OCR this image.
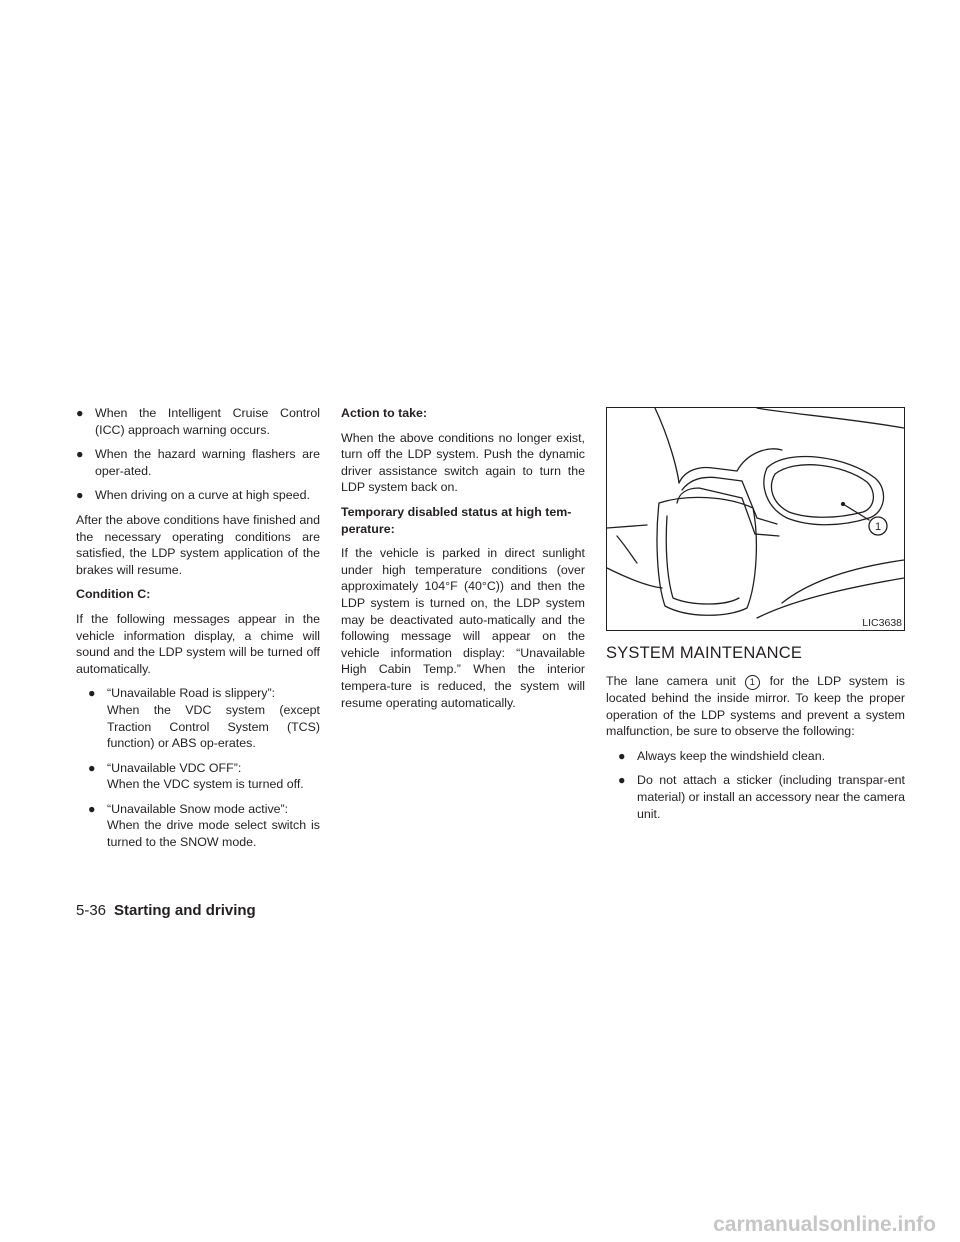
● When the Intelligent Cruise Control (ICC) approach warning occurs.
● When the hazard warning flashers are oper-ated.
● When driving on a curve at high speed.

After the above conditions have finished and the necessary operating conditions are satisfied, the LDP system application of the brakes will resume.

Condition C:

If the following messages appear in the vehicle information display, a chime will sound and the LDP system will be turned off automatically.

● “Unavailable Road is slippery”:
When the VDC system (except Traction Control System (TCS) function) or ABS op-erates.
● “Unavailable VDC OFF”:
When the VDC system is turned off.
● “Unavailable Snow mode active”:
When the drive mode select switch is turned to the SNOW mode.
Action to take:

When the above conditions no longer exist, turn off the LDP system. Push the dynamic driver assistance switch again to turn the LDP system back on.

Temporary disabled status at high tem-perature:

If the vehicle is parked in direct sunlight under high temperature conditions (over approximately 104°F (40°C)) and then the LDP system is turned on, the LDP system may be deactivated auto-matically and the following message will appear on the vehicle information display: “Unavailable High Cabin Temp.” When the interior tempera-ture is reduced, the system will resume operating automatically.

1
LIC3638
SYSTEM MAINTENANCE

The lane camera unit 1 for the LDP system is located behind the inside mirror. To keep the proper operation of the LDP systems and prevent a system malfunction, be sure to observe the following:

● Always keep the windshield clean.
● Do not attach a sticker (including transpar-ent material) or install an accessory near the camera unit.
5-36 Starting and driving
carmanualsonline.info
